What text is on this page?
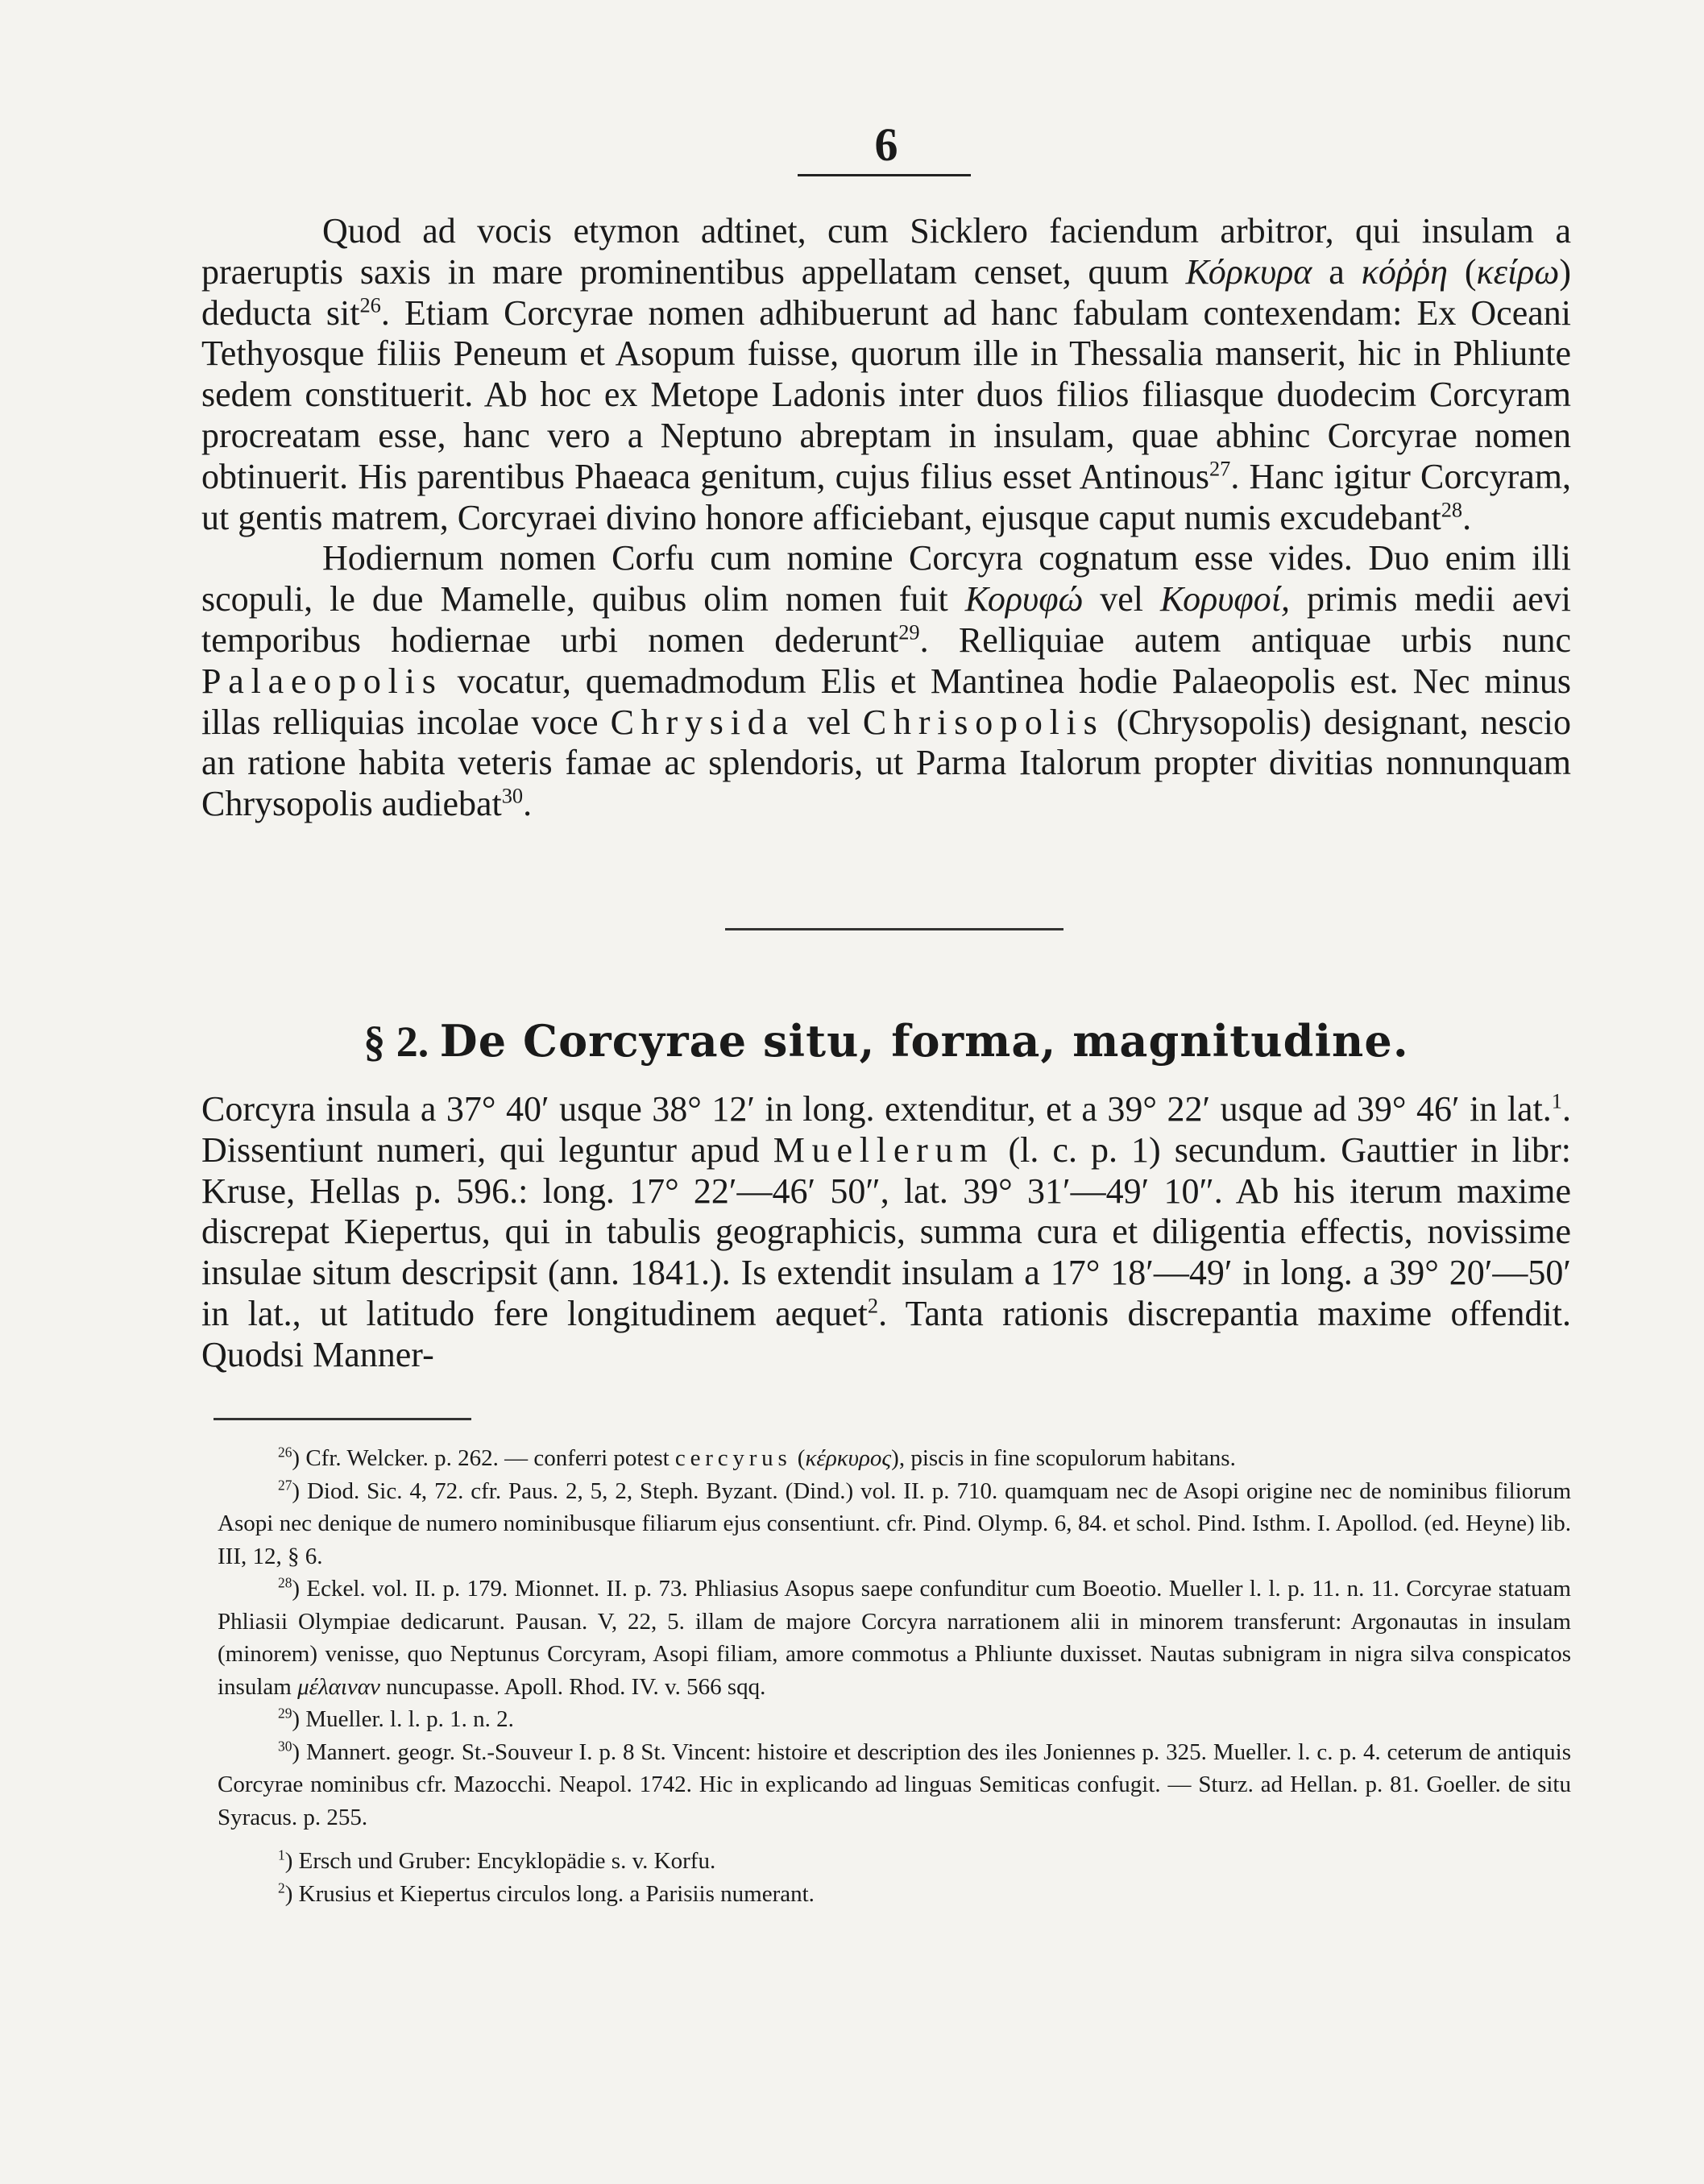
6

Quod ad vocis etymon adtinet, cum Sicklero faciendum arbitror, qui insulam a praeruptis saxis in mare prominentibus appellatam censet, quum Κόρκυρα a κόῤῥη (κείρω) deducta sit$^{26}$. Etiam Corcyrae nomen adhibuerunt ad hanc fabulam contexendam: Ex Oceani Tethyosque filiis Peneum et Asopum fuisse, quorum ille in Thessalia manserit, hic in Phliunte sedem constituerit. Ab hoc ex Metope Ladonis inter duos filios filiasque duodecim Corcyram procreatam esse, hanc vero a Neptuno abreptam in insulam, quae abhinc Corcyrae nomen obtinuerit. His parentibus Phaeaca genitum, cujus filius esset Antinous$^{27}$. Hanc igitur Corcyram, ut gentis matrem, Corcyraei divino honore afficiebant, ejusque caput numis excudebant$^{28}$.

Hodiernum nomen Corfu cum nomine Corcyra cognatum esse vides. Duo enim illi scopuli, le due Mamelle, quibus olim nomen fuit Κορυφώ vel Κορυφοί, primis medii aevi temporibus hodiernae urbi nomen dederunt$^{29}$. Relliquiae autem antiquae urbis nunc Palaeopolis vocatur, quemadmodum Elis et Mantinea hodie Palaeopolis est. Nec minus illas relliquias incolae voce Chrysida vel Chrisopolis (Chrysopolis) designant, nescio an ratione habita veteris famae ac splendoris, ut Parma Italorum propter divitias nonnunquam Chrysopolis audiebat$^{30}$.

§ 2. De Corcyrae situ, forma, magnitudine.

Corcyra insula a 37° 40′ usque 38° 12′ in long. extenditur, et a 39° 22′ usque ad 39° 46′ in lat.$^1$. Dissentiunt numeri, qui leguntur apud Muellerum (l. c. p. 1) secundum. Gauttier in libr: Kruse, Hellas p. 596.: long. 17° 22′—46′ 50″, lat. 39° 31′—49′ 10″. Ab his iterum maxime discrepat Kiepertus, qui in tabulis geographicis, summa cura et diligentia effectis, novissime insulae situm descripsit (ann. 1841.). Is extendit insulam a 17° 18′—49′ in long. a 39° 20′—50′ in lat., ut latitudo fere longitudinem aequet$^2$. Tanta rationis discrepantia maxime offendit. Quodsi Manner-

$^{26}$) Cfr. Welcker. p. 262. — conferri potest cercyrus (κέρκυρος), piscis in fine scopulorum habitans.

$^{27}$) Diod. Sic. 4, 72. cfr. Paus. 2, 5, 2, Steph. Byzant. (Dind.) vol. II. p. 710. quamquam nec de Asopi origine nec de nominibus filiorum Asopi nec denique de numero nominibusque filiarum ejus consentiunt. cfr. Pind. Olymp. 6, 84. et schol. Pind. Isthm. I. Apollod. (ed. Heyne) lib. III, 12, § 6.

$^{28}$) Eckel. vol. II. p. 179. Mionnet. II. p. 73. Phliasius Asopus saepe confunditur cum Boeotio. Mueller l. l. p. 11. n. 11. Corcyrae statuam Phliasii Olympiae dedicarunt. Pausan. V, 22, 5. illam de majore Corcyra narrationem alii in minorem transferunt: Argonautas in insulam (minorem) venisse, quo Neptunus Corcyram, Asopi filiam, amore commotus a Phliunte duxisset. Nautas subnigram in nigra silva conspicatos insulam μέλαιναν nuncupasse. Apoll. Rhod. IV. v. 566 sqq.

$^{29}$) Mueller. l. l. p. 1. n. 2.

$^{30}$) Mannert. geogr. St.-Souveur I. p. 8 St. Vincent: histoire et description des iles Joniennes p. 325. Mueller. l. c. p. 4. ceterum de antiquis Corcyrae nominibus cfr. Mazocchi. Neapol. 1742. Hic in explicando ad linguas Semiticas confugit. — Sturz. ad Hellan. p. 81. Goeller. de situ Syracus. p. 255.

$^1$) Ersch und Gruber: Encyklopädie s. v. Korfu.

$^2$) Krusius et Kiepertus circulos long. a Parisiis numerant.
